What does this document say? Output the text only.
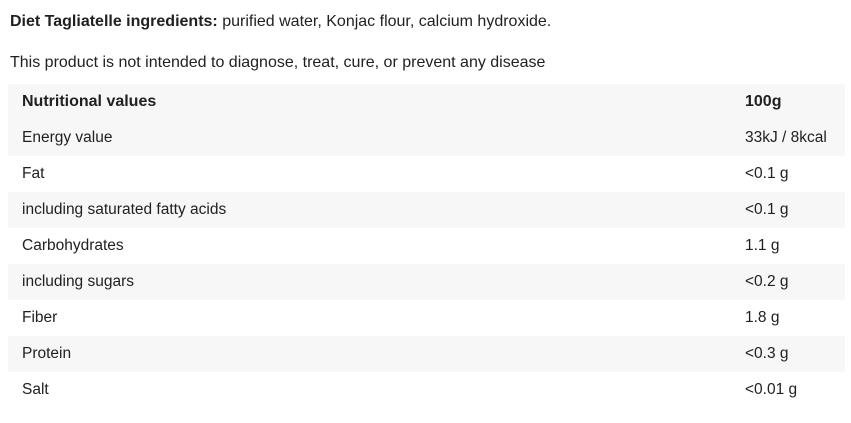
Diet Tagliatelle ingredients: purified water, Konjac flour, calcium hydroxide.

This product is not intended to diagnose, treat, cure, or prevent any disease

Nutritional values	100g
Energy value	33kJ / 8kcal
Fat	<0.1 g
including saturated fatty acids	<0.1 g
Carbohydrates	1.1 g
including sugars	<0.2 g
Fiber	1.8 g
Protein	<0.3 g
Salt	<0.01 g
